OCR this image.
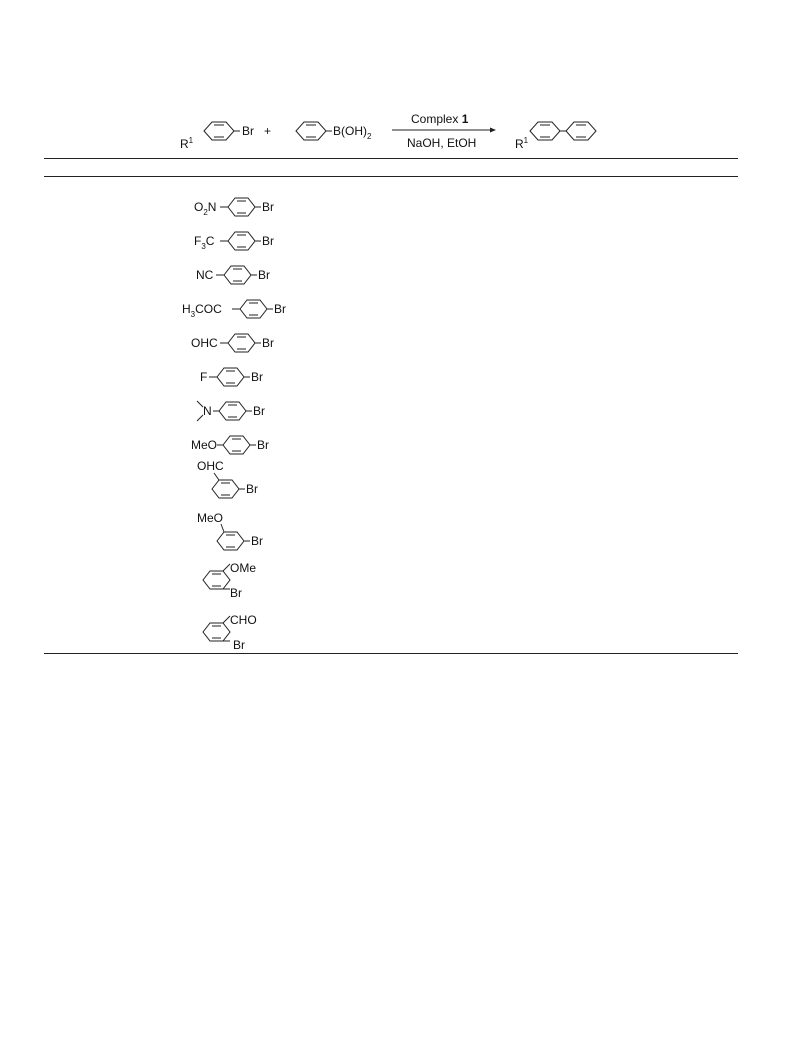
Br
$R^1$
+	$B(OH)_2$
Complex 1
NaOH, EtOH	$R^1$
$O_2N$	Br
$F_3C$	Br
NC	Br
$H_3COC$	Br
OHC	Br
F	Br
N	Br
MeO	Br
OHC
Br
MeO
Br
OMe
Br
CHO
Br
